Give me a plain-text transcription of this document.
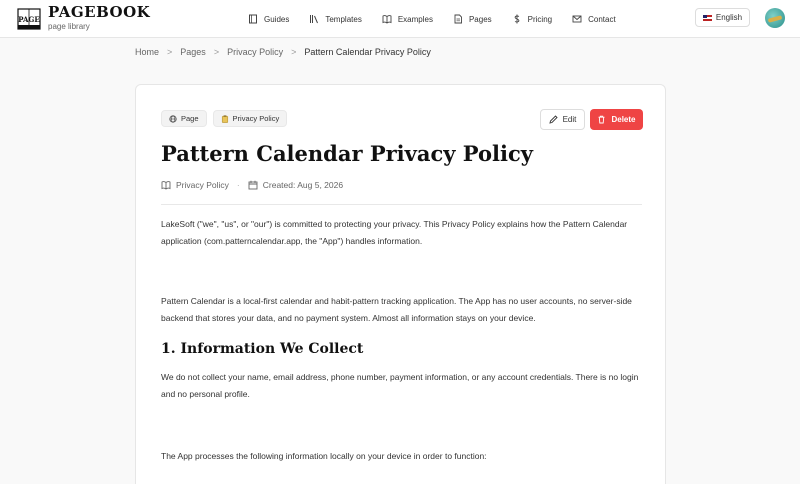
PAGE PAGEBOOK
page library
Guides	Templates	Examples	Pages	Pricing	Contact	English
Home > Pages > Privacy Policy > Pattern Calendar Privacy Policy
Page	Privacy Policy	Edit	Delete
Pattern Calendar Privacy Policy
Privacy Policy ·	Created: Aug 5, 2026
LakeSoft ("we", "us", or "our") is committed to protecting your privacy. This Privacy Policy explains how the Pattern Calendar application (com.patterncalendar.app, the "App") handles information.
Pattern Calendar is a local-first calendar and habit-pattern tracking application. The App has no user accounts, no server-side backend that stores your data, and no payment system. Almost all information stays on your device.
1. Information We Collect
We do not collect your name, email address, phone number, payment information, or any account credentials. There is no login and no personal profile.
The App processes the following information locally on your device in order to function:
